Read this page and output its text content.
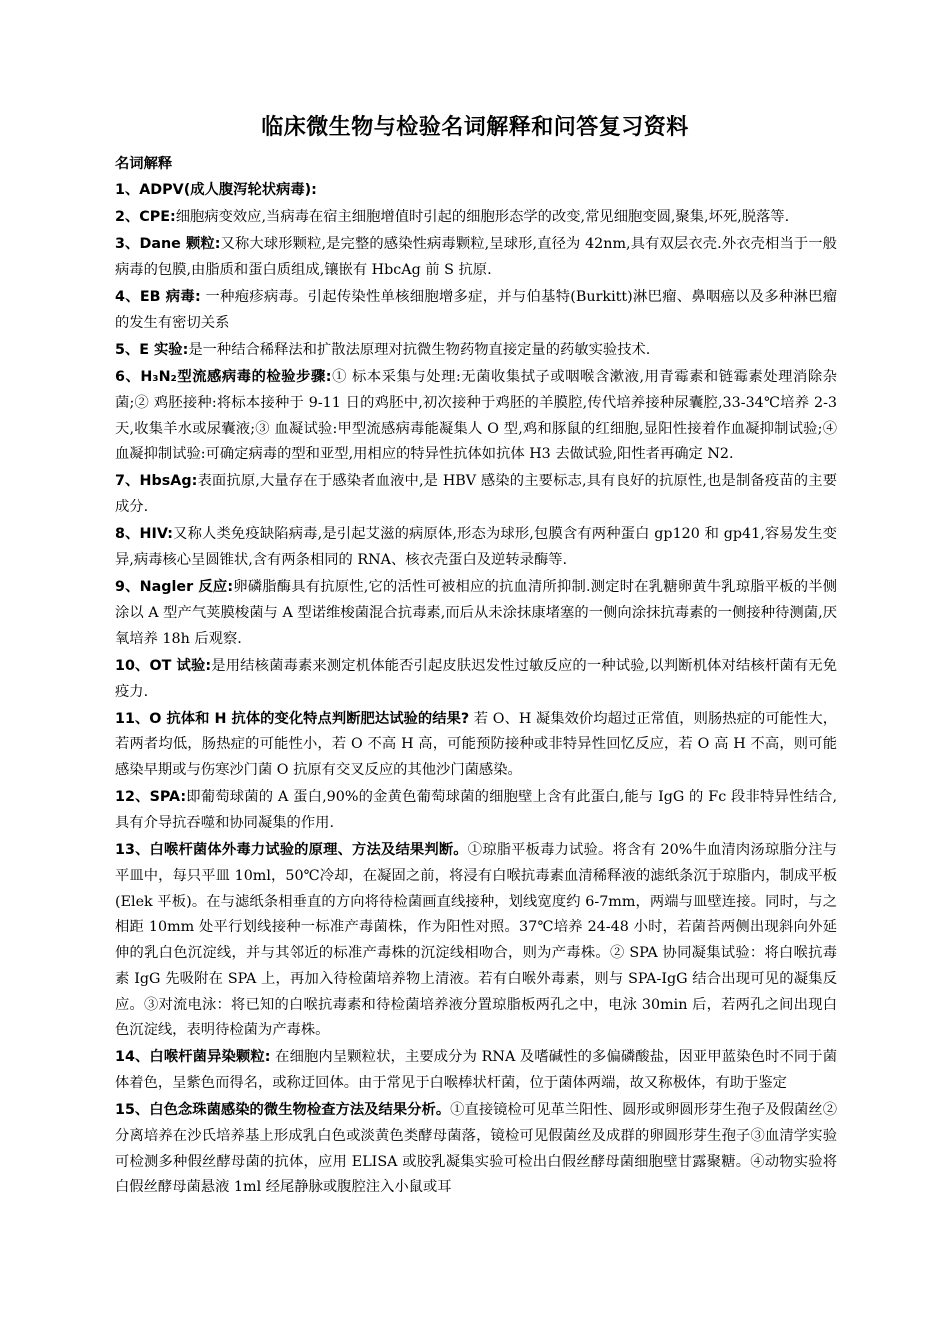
临床微生物与检验名词解释和问答复习资料
名词解释

1、ADPV(成人腹泻轮状病毒):

2、CPE:细胞病变效应,当病毒在宿主细胞增值时引起的细胞形态学的改变,常见细胞变圆,聚集,坏死,脱落等.

3、Dane 颗粒:又称大球形颗粒,是完整的感染性病毒颗粒,呈球形,直径为 42nm,具有双层衣壳.外衣壳相当于一般病毒的包膜,由脂质和蛋白质组成,镶嵌有 HbcAg 前 S 抗原.

4、EB 病毒: 一种疱疹病毒。引起传染性单核细胞增多症，并与伯基特(Burkitt)淋巴瘤、鼻咽癌以及多种淋巴瘤的发生有密切关系

5、E 实验:是一种结合稀释法和扩散法原理对抗微生物药物直接定量的药敏实验技术.

6、H₃N₂型流感病毒的检验步骤:① 标本采集与处理:无菌收集拭子或咽喉含漱液,用青霉素和链霉素处理消除杂菌;② 鸡胚接种:将标本接种于 9-11 日的鸡胚中,初次接种于鸡胚的羊膜腔,传代培养接种尿囊腔,33-34℃培养 2-3 天,收集羊水或尿囊液;③ 血凝试验:甲型流感病毒能凝集人 O 型,鸡和豚鼠的红细胞,显阳性接着作血凝抑制试验;④ 血凝抑制试验:可确定病毒的型和亚型,用相应的特异性抗体如抗体 H3 去做试验,阳性者再确定 N2.

7、HbsAg:表面抗原,大量存在于感染者血液中,是 HBV 感染的主要标志,具有良好的抗原性,也是制备疫苗的主要成分.

8、HIV:又称人类免疫缺陷病毒,是引起艾滋的病原体,形态为球形,包膜含有两种蛋白 gp120 和 gp41,容易发生变异,病毒核心呈圆锥状,含有两条相同的 RNA、核衣壳蛋白及逆转录酶等.

9、Nagler 反应:卵磷脂酶具有抗原性,它的活性可被相应的抗血清所抑制.测定时在乳糖卵黄牛乳琼脂平板的半侧涂以 A 型产气荚膜梭菌与 A 型诺维梭菌混合抗毒素,而后从未涂抹康堵塞的一侧向涂抹抗毒素的一侧接种待测菌,厌氧培养 18h 后观察.

10、OT 试验:是用结核菌毒素来测定机体能否引起皮肤迟发性过敏反应的一种试验,以判断机体对结核杆菌有无免疫力.

11、O 抗体和 H 抗体的变化特点判断肥达试验的结果? 若 O、H 凝集效价均超过正常值，则肠热症的可能性大，若两者均低，肠热症的可能性小，若 O 不高 H 高，可能预防接种或非特异性回忆反应，若 O 高 H 不高，则可能感染早期或与伤寒沙门菌 O 抗原有交叉反应的其他沙门菌感染。

12、SPA:即葡萄球菌的 A 蛋白,90%的金黄色葡萄球菌的细胞壁上含有此蛋白,能与 IgG 的 Fc 段非特异性结合,具有介导抗吞噬和协同凝集的作用.

13、白喉杆菌体外毒力试验的原理、方法及结果判断。①琼脂平板毒力试验。将含有 20%牛血清肉汤琼脂分注与平皿中，每只平皿 10ml，50℃冷却，在凝固之前，将浸有白喉抗毒素血清稀释液的滤纸条沉于琼脂内，制成平板(Elek 平板)。在与滤纸条相垂直的方向将待检菌画直线接种，划线宽度约 6-7mm，两端与皿壁连接。同时，与之相距 10mm 处平行划线接种一标准产毒菌株，作为阳性对照。37℃培养 24-48 小时，若菌苔两侧出现斜向外延伸的乳白色沉淀线，并与其邻近的标准产毒株的沉淀线相吻合，则为产毒株。② SPA 协同凝集试验：将白喉抗毒素 IgG 先吸附在 SPA 上，再加入待检菌培养物上清液。若有白喉外毒素，则与 SPA-IgG 结合出现可见的凝集反应。③对流电泳：将已知的白喉抗毒素和待检菌培养液分置琼脂板两孔之中，电泳 30min 后，若两孔之间出现白色沉淀线，表明待检菌为产毒株。

14、白喉杆菌异染颗粒: 在细胞内呈颗粒状，主要成分为 RNA 及嗜碱性的多偏磷酸盐，因亚甲蓝染色时不同于菌体着色，呈紫色而得名，或称迂回体。由于常见于白喉棒状杆菌，位于菌体两端，故又称极体，有助于鉴定

15、白色念珠菌感染的微生物检查方法及结果分析。①直接镜检可见革兰阳性、圆形或卵圆形芽生孢子及假菌丝②分离培养在沙氏培养基上形成乳白色或淡黄色类酵母菌落，镜检可见假菌丝及成群的卵圆形芽生孢子③血清学实验可检测多种假丝酵母菌的抗体，应用 ELISA 或胶乳凝集实验可检出白假丝酵母菌细胞壁甘露聚糖。④动物实验将白假丝酵母菌悬液 1ml 经尾静脉或腹腔注入小鼠或耳
